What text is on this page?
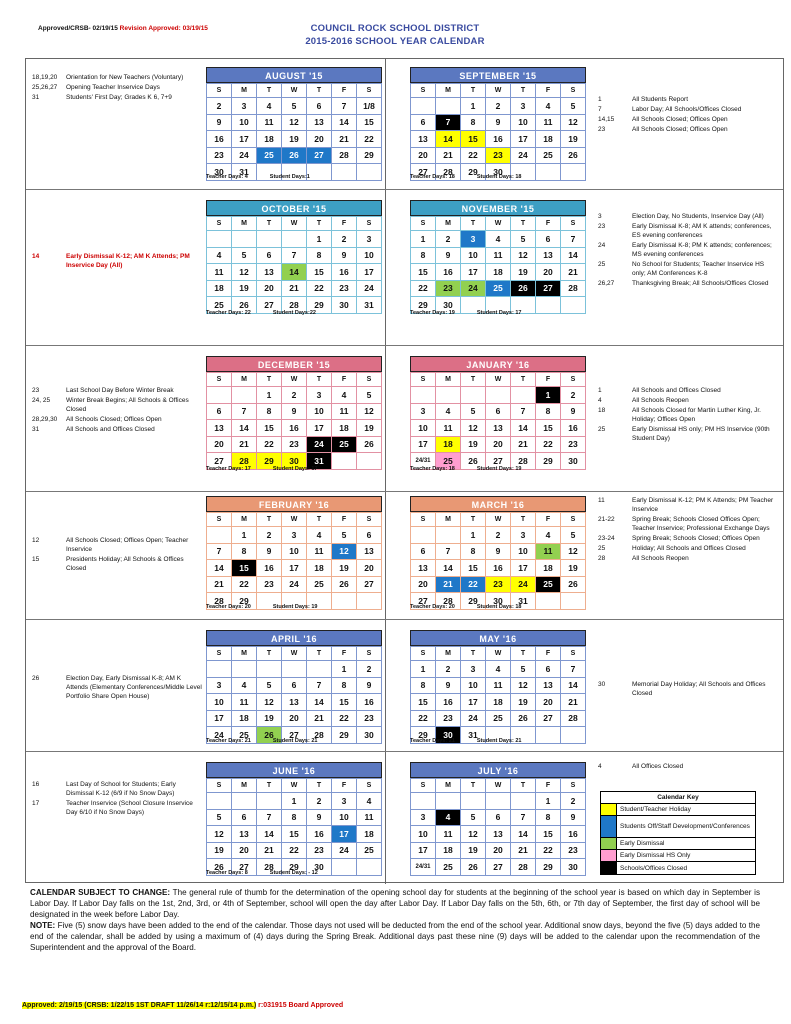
Approved/CRSB- 02/19/15 Revision Approved: 03/19/15	COUNCIL ROCK SCHOOL DISTRICT
2015-2016 SCHOOL YEAR CALENDAR
18,19,20	Orientation for New Teachers (Voluntary)
25,26,27	Opening Teacher Inservice Days
31	Students' First Day; Grades K 6, 7+9
AUGUST '15
S	M	T	W	T	F	S
2	3	4	5	6	7	1/8
9	10	11	12	13	14	15
16	17	18	19	20	21	22
23	24	25	26	27	28	29
30	31					
Teacher Days: 4	Student Days:1
SEPTEMBER '15
S	M	T	W	T	F	S
		1	2	3	4	5
6	7	8	9	10	11	12
13	14	15	16	17	18	19
20	21	22	23	24	25	26
27	28	29	30			
Teacher Days: 18	Student Days: 18
1	All Students Report
7	Labor Day; All Schools/Offices Closed
14,15	All Schools Closed; Offices Open
23	All Schools Closed; Offices Open
14	Early Dismissal K-12; AM K Attends; PM Inservice Day (All)
OCTOBER '15
S	M	T	W	T	F	S
				1	2	3
4	5	6	7	8	9	10
11	12	13	14	15	16	17
18	19	20	21	22	23	24
25	26	27	28	29	30	31
Teacher Days: 22	Student Days:22
NOVEMBER '15
S	M	T	W	T	F	S
1	2	3	4	5	6	7
8	9	10	11	12	13	14
15	16	17	18	19	20	21
22	23	24	25	26	27	28
29	30					
Teacher Days: 19	Student Days: 17
3	Election Day, No Students, Inservice Day (All)
23	Early Dismissal K-8; AM K attends; conferences, ES evening conferences
24	Early Dismissal K-8; PM K attends; conferences; MS evening conferences
25	No School for Students; Teacher Inservice HS only; AM Conferences K-8
26,27	Thanksgiving Break; All Schools/Offices Closed
23	Last School Day Before Winter Break
24, 25	Winter Break Begins; All Schools & Offices Closed
28,29,30	All Schools Closed; Offices Open
31	All Schools and Offices Closed
DECEMBER '15
S	M	T	W	T	F	S
		1	2	3	4	5
6	7	8	9	10	11	12
13	14	15	16	17	18	19
20	21	22	23	24	25	26
27	28	29	30	31		
Teacher Days: 17	Student Days: 17
JANUARY '16
S	M	T	W	T	F	S
					1	2
3	4	5	6	7	8	9
10	11	12	13	14	15	16
17	18	19	20	21	22	23
24/31	25	26	27	28	29	30
Teacher Days: 18	Student Days: 19
1	All Schools and Offices Closed
4	All Schools Reopen
18	All Schools Closed for Martin Luther King, Jr. Holiday; Offices Open
25	Early Dismissal HS only; PM HS Inservice (90th Student Day)
12	All Schools Closed; Offices Open; Teacher Inservice
15	Presidents Holiday; All Schools & Offices Closed
FEBRUARY '16
S	M	T	W	T	F	S
	1	2	3	4	5	6
7	8	9	10	11	12	13
14	15	16	17	18	19	20
21	22	23	24	25	26	27
28	29					
Teacher Days: 20	Student Days: 19
MARCH '16
S	M	T	W	T	F	S
		1	2	3	4	5
6	7	8	9	10	11	12
13	14	15	16	17	18	19
20	21	22	23	24	25	26
27	28	29	30	31		
Teacher Days: 20	Student Days: 18
11	Early Dismissal K-12; PM K Attends; PM Teacher Inservice
21-22	Spring Break; Schools Closed Offices Open; Teacher Inservice; Professional Exchange Days
23-24	Spring Break; Schools Closed; Offices Open
25	Holiday; All Schools and Offices Closed
28	All Schools Reopen
26	Election Day, Early Dismissal K-8; AM K Attends (Elementary Conferences/Middle Level Portfolio Share Open House)
APRIL '16
S	M	T	W	T	F	S
					1	2
3	4	5	6	7	8	9
10	11	12	13	14	15	16
17	18	19	20	21	22	23
24	25	26	27	28	29	30
Teacher Days: 21	Student Days: 21
MAY '16
S	M	T	W	T	F	S
1	2	3	4	5	6	7
8	9	10	11	12	13	14
15	16	17	18	19	20	21
22	23	24	25	26	27	28
29	30	31				
Teacher Days: 21	Student Days: 21
30	Memorial Day Holiday; All Schools and Offices Closed
16	Last Day of School for Students; Early Dismissal K-12 (6/9 if No Snow Days)
17	Teacher Inservice (School Closure Inservice Day 6/10 if No Snow Days)
JUNE '16
S	M	T	W	T	F	S
			1	2	3	4
5	6	7	8	9	10	11
12	13	14	15	16	17	18
19	20	21	22	23	24	25
26	27	28	29	30		
Teacher Days: 8	Student Days: - 12
JULY '16
S	M	T	W	T	F	S
					1	2
3	4	5	6	7	8	9
10	11	12	13	14	15	16
17	18	19	20	21	22	23
24/31	25	26	27	28	29	30
4	All Offices Closed
Calendar Key
Student/Teacher Holiday
Students Off/Staff Development/Conferences
Early Dismissal
Early Dismissal HS Only
Schools/Offices Closed
CALENDAR SUBJECT TO CHANGE: The general rule of thumb for the determination of the opening school day for students at the beginning of the school year is based on which day in September is Labor Day. If Labor Day falls on the 1st, 2nd, 3rd, or 4th of September, school will open the day after Labor Day. If Labor Day falls on the 5th, 6th, or 7th day of September, the first day of school will be designated in the week before Labor Day.
NOTE: Five (5) snow days have been added to the end of the calendar. Those days not used will be deducted from the end of the school year. Additional snow days, beyond the five (5) days added to the end of the calendar, shall be added by using a maximum of (4) days during the Spring Break. Additional days past these nine (9) days will be added to the calendar upon the recommendation of the Superintendent and the approval of the Board.
Approved: 2/19/15 (CRSB: 1/22/15 1ST DRAFT 11/26/14 r:12/15/14 p.m.) r:031915 Board Approved
